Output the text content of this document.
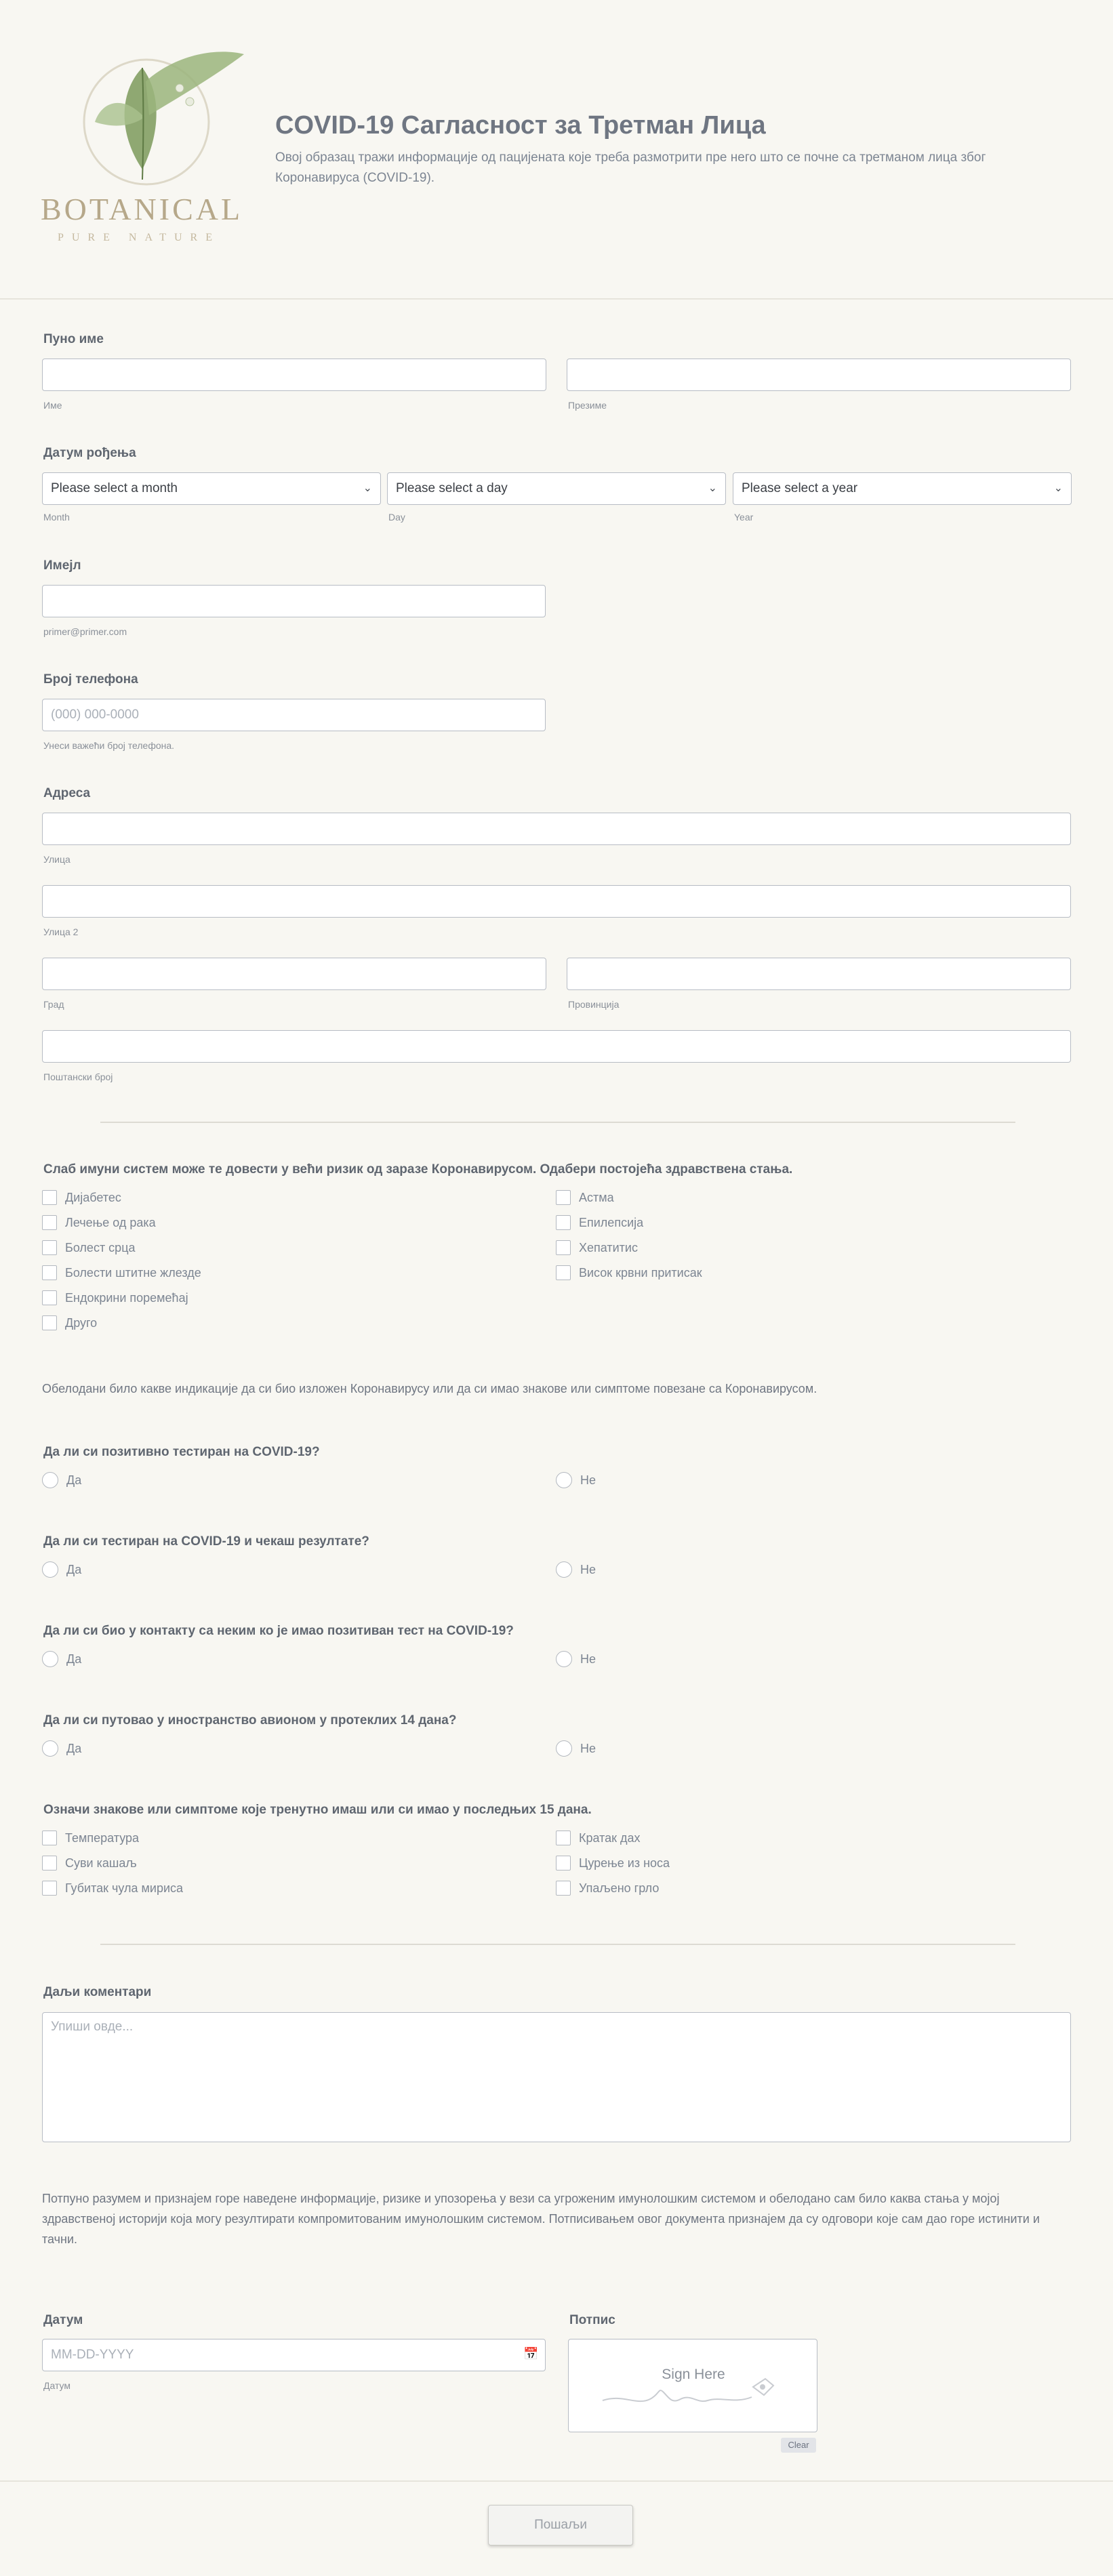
BOTANICAL
PURE NATURE
COVID-19 Сагласност за Третман Лица
Овој образац тражи информације од пацијената које треба размотрити пре него што се почне са третманом лица због Коронавируса (COVID-19).
Пуно име
Име	Презиме
Датум рођења
Please select a month	⌄
Month
Please select a day	⌄
Day
Please select a year	⌄
Year
Имејл
primer@primer.com
Број телефона
(000) 000-0000
Унеси важећи број телефона.
Адреса
Улица
Улица 2
Град	Провинција
Поштански број
Слаб имуни систем може те довести у већи ризик од заразе Коронавирусом. Одабери постојећа здравствена стања.
Дијабетес
Лечење од рака
Болест срца
Болести штитне жлезде
Ендокрини поремећај
Друго
Астма
Епилепсија
Хепатитис
Висок крвни притисак
Обелодани било какве индикације да си био изложен Коронавирусу или да си имао знакове или симптоме повезане са Коронавирусом.
Да ли си позитивно тестиран на COVID-19?
Да	Не
Да ли си тестиран на COVID-19 и чекаш резултате?
Да	Не
Да ли си био у контакту са неким ко је имао позитиван тест на COVID-19?
Да	Не
Да ли си путовао у иностранство авионом у протеклих 14 дана?
Да	Не
Означи знакове или симптоме које тренутно имаш или си имао у последњих 15 дана.
Температура
Суви кашаљ
Губитак чула мириса
Кратак дах
Цурење из носа
Упаљено грло
Даљи коментари
Упиши овде...
Потпуно разумем и признајем горе наведене информације, ризике и упозорења у вези са угроженим имунолошким системом и обелодано сам било каква стања у мојој здравственој историји која могу резултирати компромитованим имунолошким системом. Потписивањем овог документа признајем да су одговори које сам дао горе истинити и тачни.
Датум
MM-DD-YYYY
📅
Датум
Потпис
Sign Here
Clear
Пошаљи
